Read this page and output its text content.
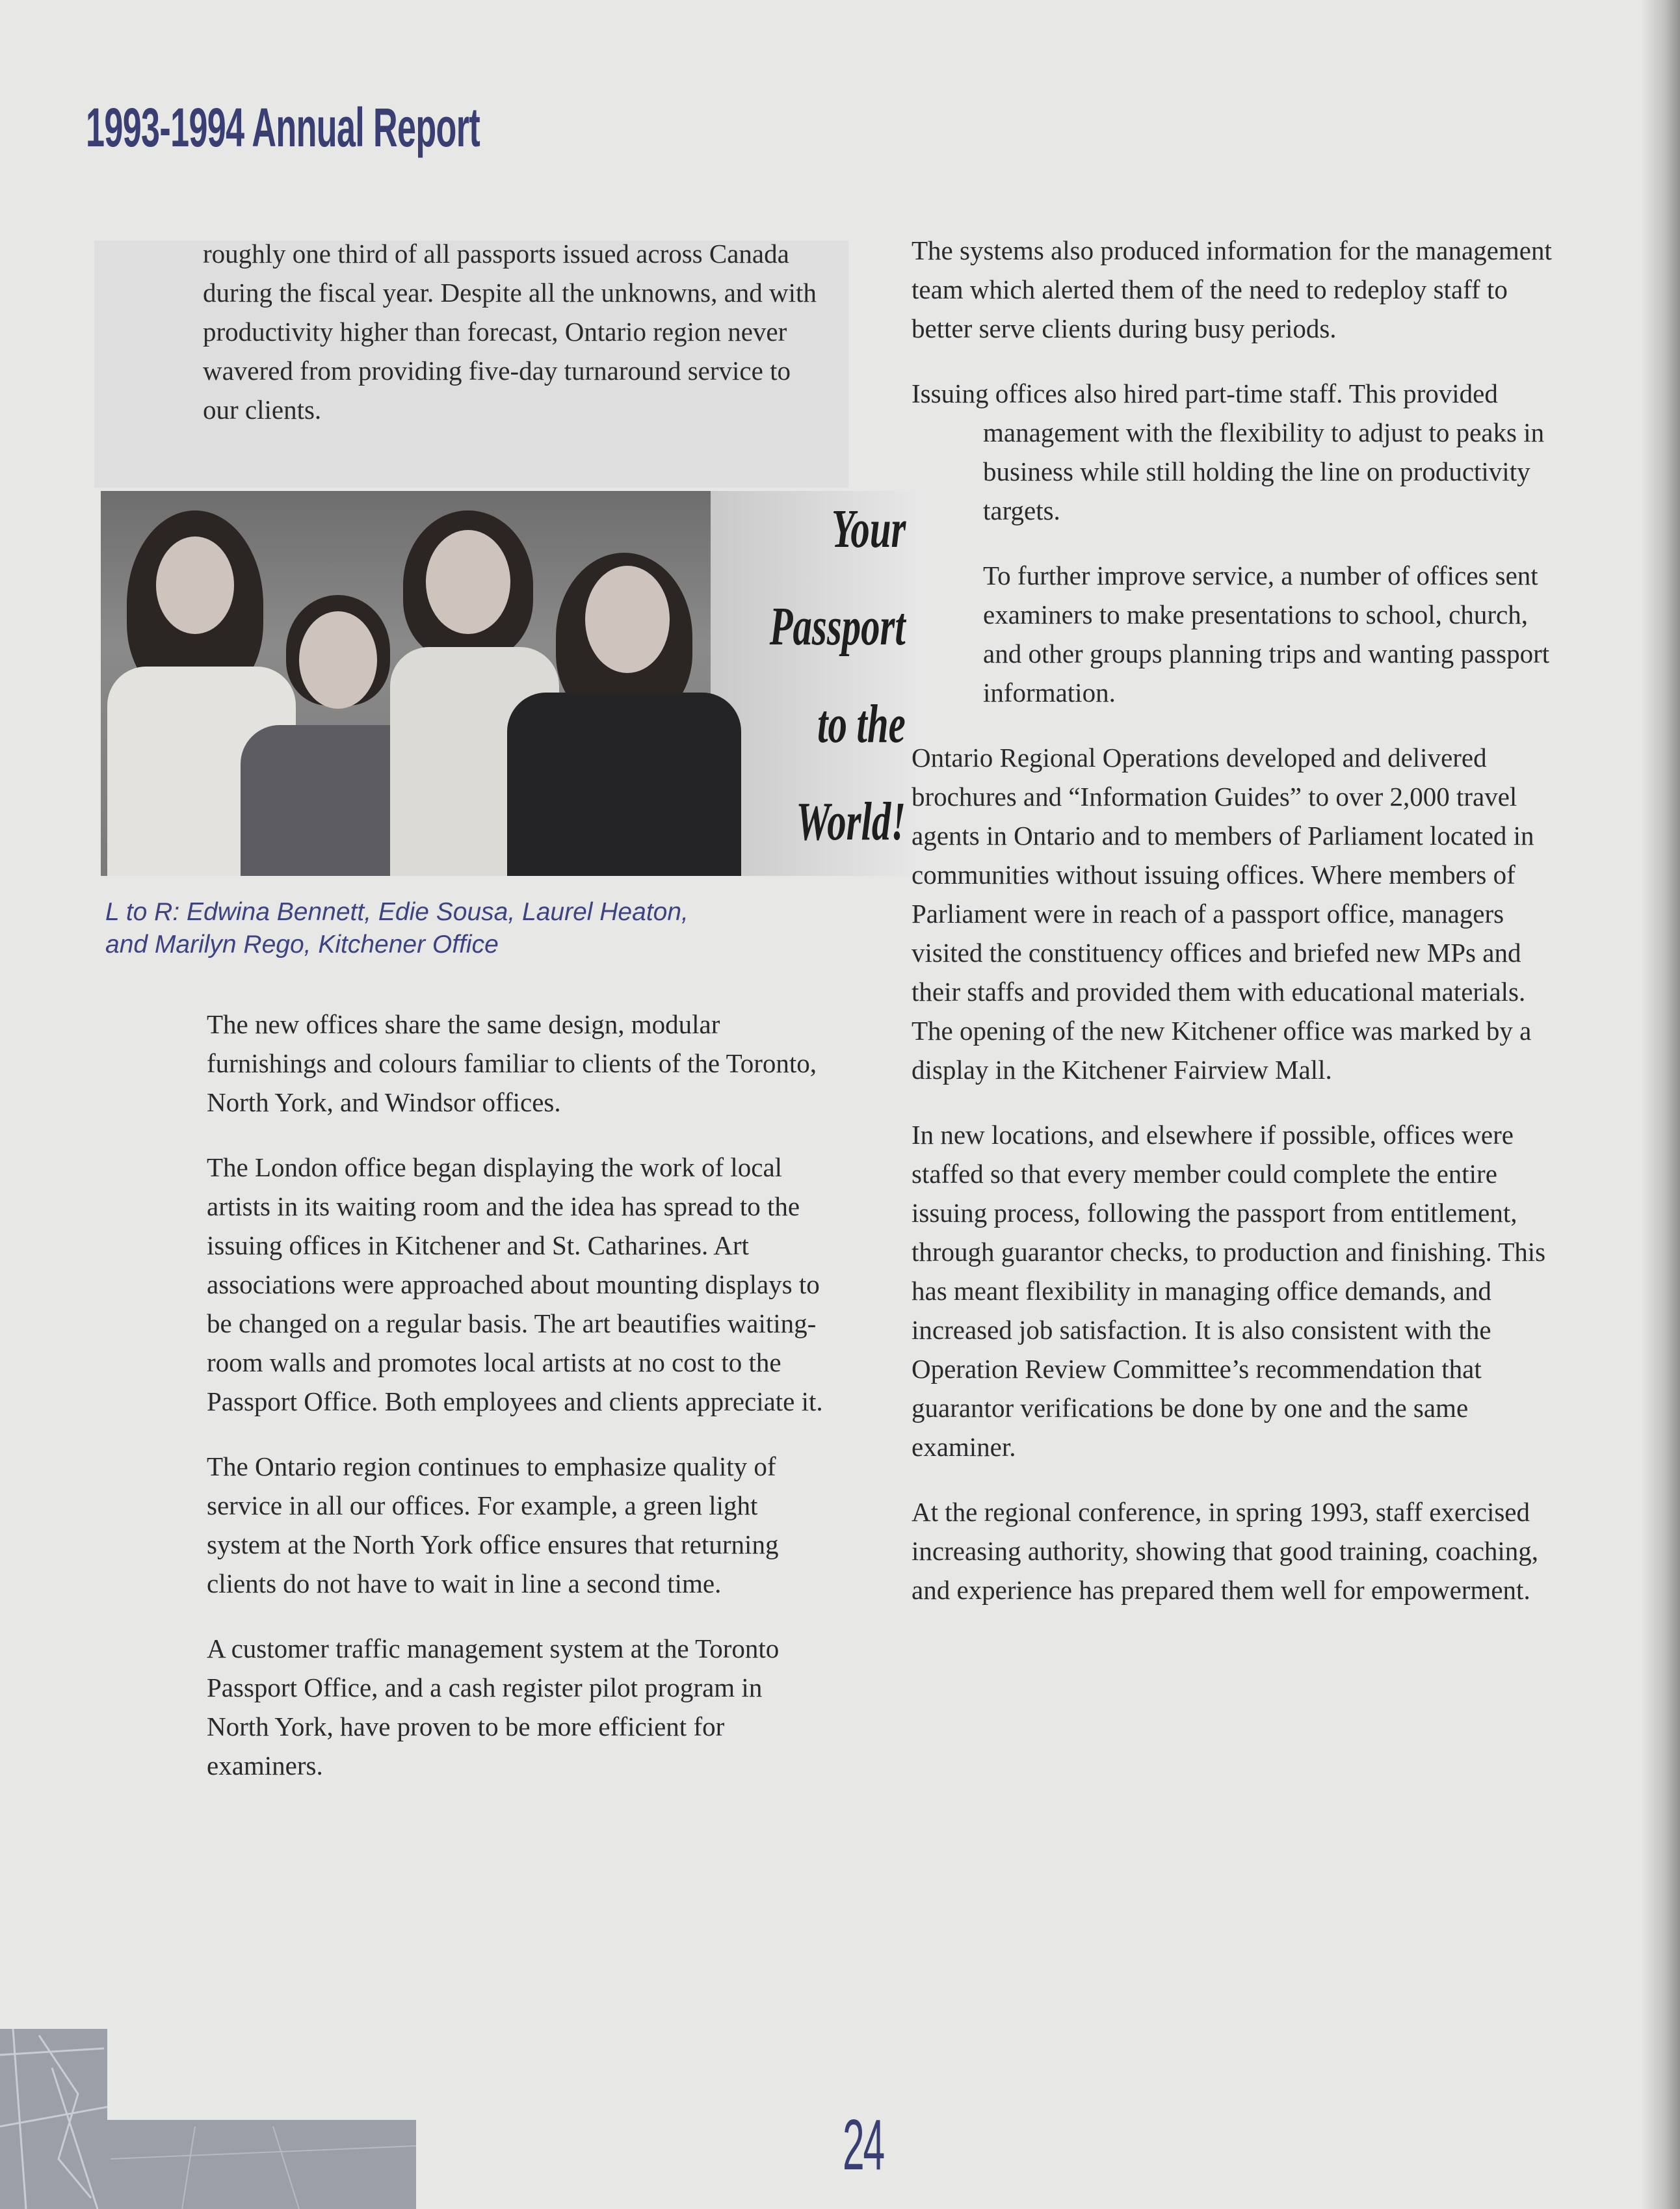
1993-1994 Annual Report

roughly one third of all passports issued across Canada during the fiscal year. Despite all the unknowns, and with productivity higher than forecast, Ontario region never wavered from providing five-day turnaround service to our clients.

Your
Passport
to the
World!
L to R: Edwina Bennett, Edie Sousa, Laurel Heaton,
and Marilyn Rego, Kitchener Office

The new offices share the same design, modular furnishings and colours familiar to clients of the Toronto, North York, and Windsor offices.

The London office began displaying the work of local artists in its waiting room and the idea has spread to the issuing offices in Kitchener and St. Catharines. Art associations were approached about mounting displays to be changed on a regular basis. The art beautifies waiting-room walls and promotes local artists at no cost to the Passport Office. Both employees and clients appreciate it.

The Ontario region continues to emphasize quality of service in all our offices. For example, a green light system at the North York office ensures that returning clients do not have to wait in line a second time.

A customer traffic management system at the Toronto Passport Office, and a cash register pilot program in North York, have proven to be more efficient for examiners.

The systems also produced information for the management team which alerted them of the need to redeploy staff to better serve clients during busy periods.

Issuing offices also hired part-time staff. This provided management with the flexibility to adjust to peaks in business while still holding the line on productivity targets.

To further improve service, a number of offices sent examiners to make presentations to school, church, and other groups planning trips and wanting passport information.

Ontario Regional Operations developed and delivered brochures and “Information Guides” to over 2,000 travel agents in Ontario and to members of Parliament located in communities without issuing offices. Where members of Parliament were in reach of a passport office, managers visited the constituency offices and briefed new MPs and their staffs and provided them with educational materials. The opening of the new Kitchener office was marked by a display in the Kitchener Fairview Mall.

In new locations, and elsewhere if possible, offices were staffed so that every member could complete the entire issuing process, following the passport from entitlement, through guarantor checks, to production and finishing. This has meant flexibility in managing office demands, and increased job satisfaction. It is also consistent with the Operation Review Committee’s recommendation that guarantor verifications be done by one and the same examiner.

At the regional conference, in spring 1993, staff exercised increasing authority, showing that good training, coaching, and experience has prepared them well for empowerment.

24
